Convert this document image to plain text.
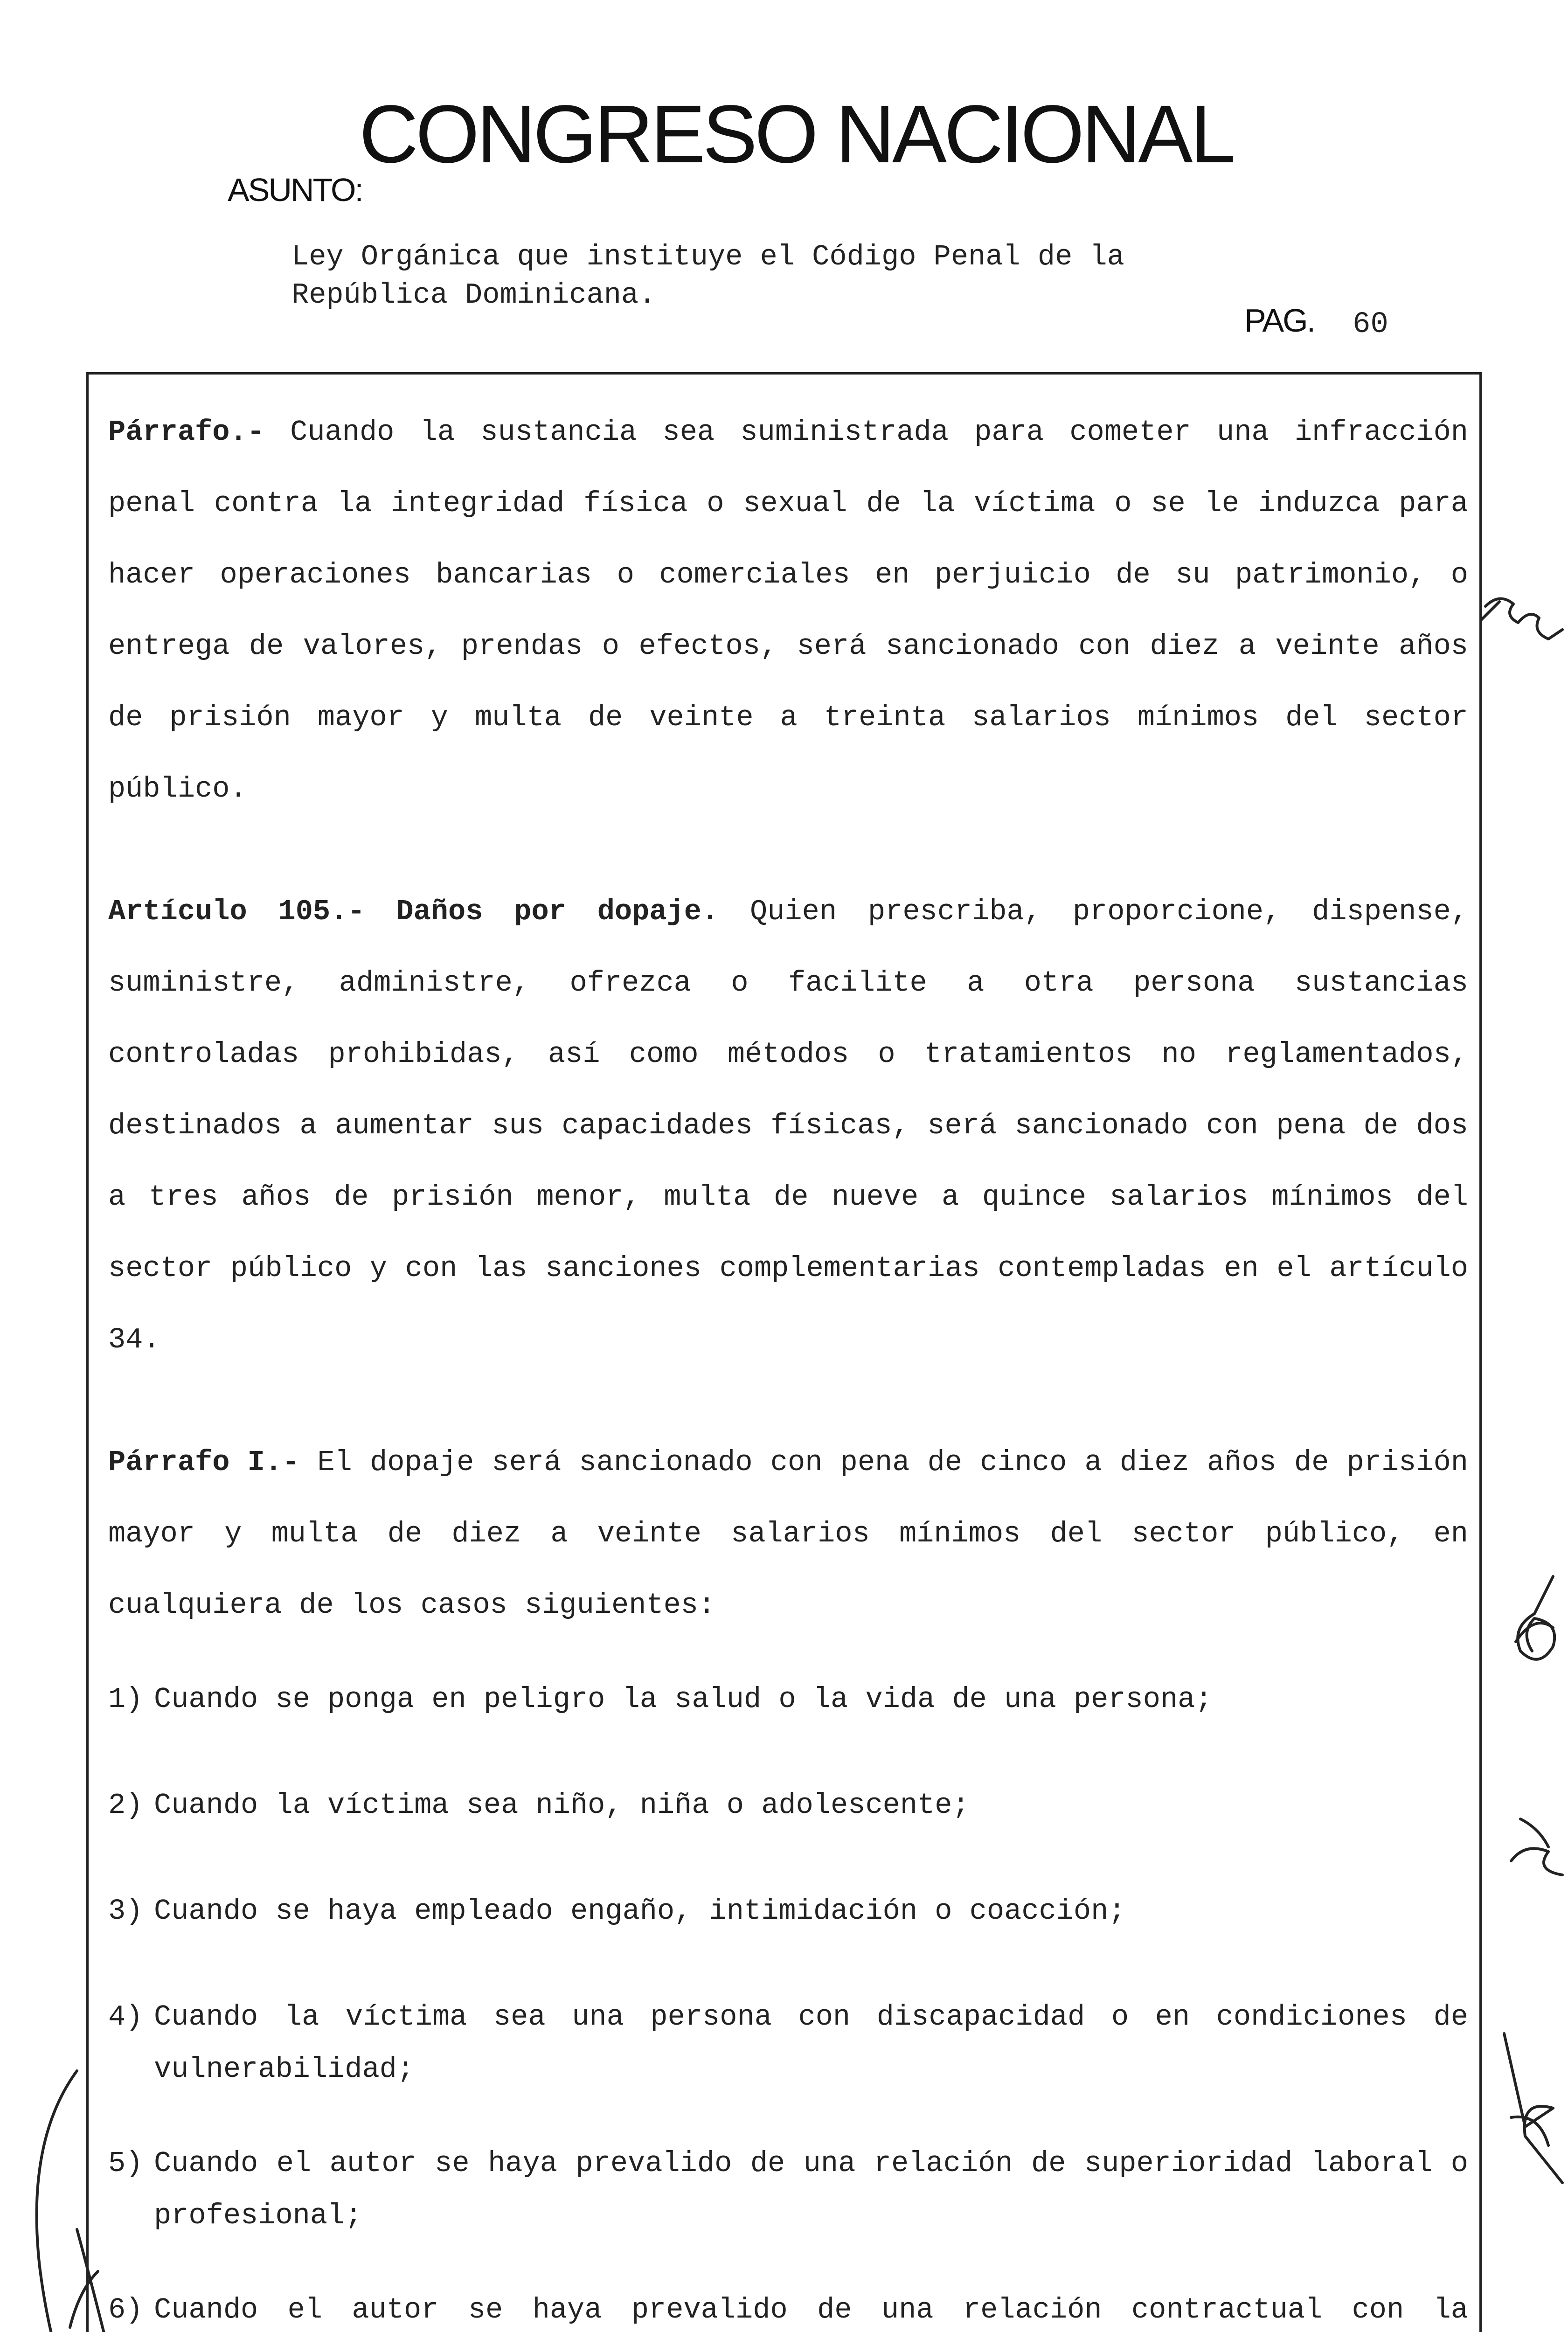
CONGRESO NACIONAL
ASUNTO:
Ley Orgánica que instituye el Código Penal de la
República Dominicana.
PAG. 60

Párrafo.- Cuando la sustancia sea suministrada para cometer una infracción penal contra la integridad física o sexual de la víctima o se le induzca para hacer operaciones bancarias o comerciales en perjuicio de su patrimonio, o entrega de valores, prendas o efectos, será sancionado con diez a veinte años de prisión mayor y multa de veinte a treinta salarios mínimos del sector público.

Artículo 105.- Daños por dopaje. Quien prescriba, proporcione, dispense, suministre, administre, ofrezca o facilite a otra persona sustancias controladas prohibidas, así como métodos o tratamientos no reglamentados, destinados a aumentar sus capacidades físicas, será sancionado con pena de dos a tres años de prisión menor, multa de nueve a quince salarios mínimos del sector público y con las sanciones complementarias contempladas en el artículo 34.

Párrafo I.- El dopaje será sancionado con pena de cinco a diez años de prisión mayor y multa de diez a veinte salarios mínimos del sector público, en cualquiera de los casos siguientes:

1) Cuando se ponga en peligro la salud o la vida de una persona;
2) Cuando la víctima sea niño, niña o adolescente;
3) Cuando se haya empleado engaño, intimidación o coacción;
4) Cuando la víctima sea una persona con discapacidad o en condiciones de vulnerabilidad;
5) Cuando el autor se haya prevalido de una relación de superioridad laboral o profesional;
6) Cuando el autor se haya prevalido de una relación contractual con la
